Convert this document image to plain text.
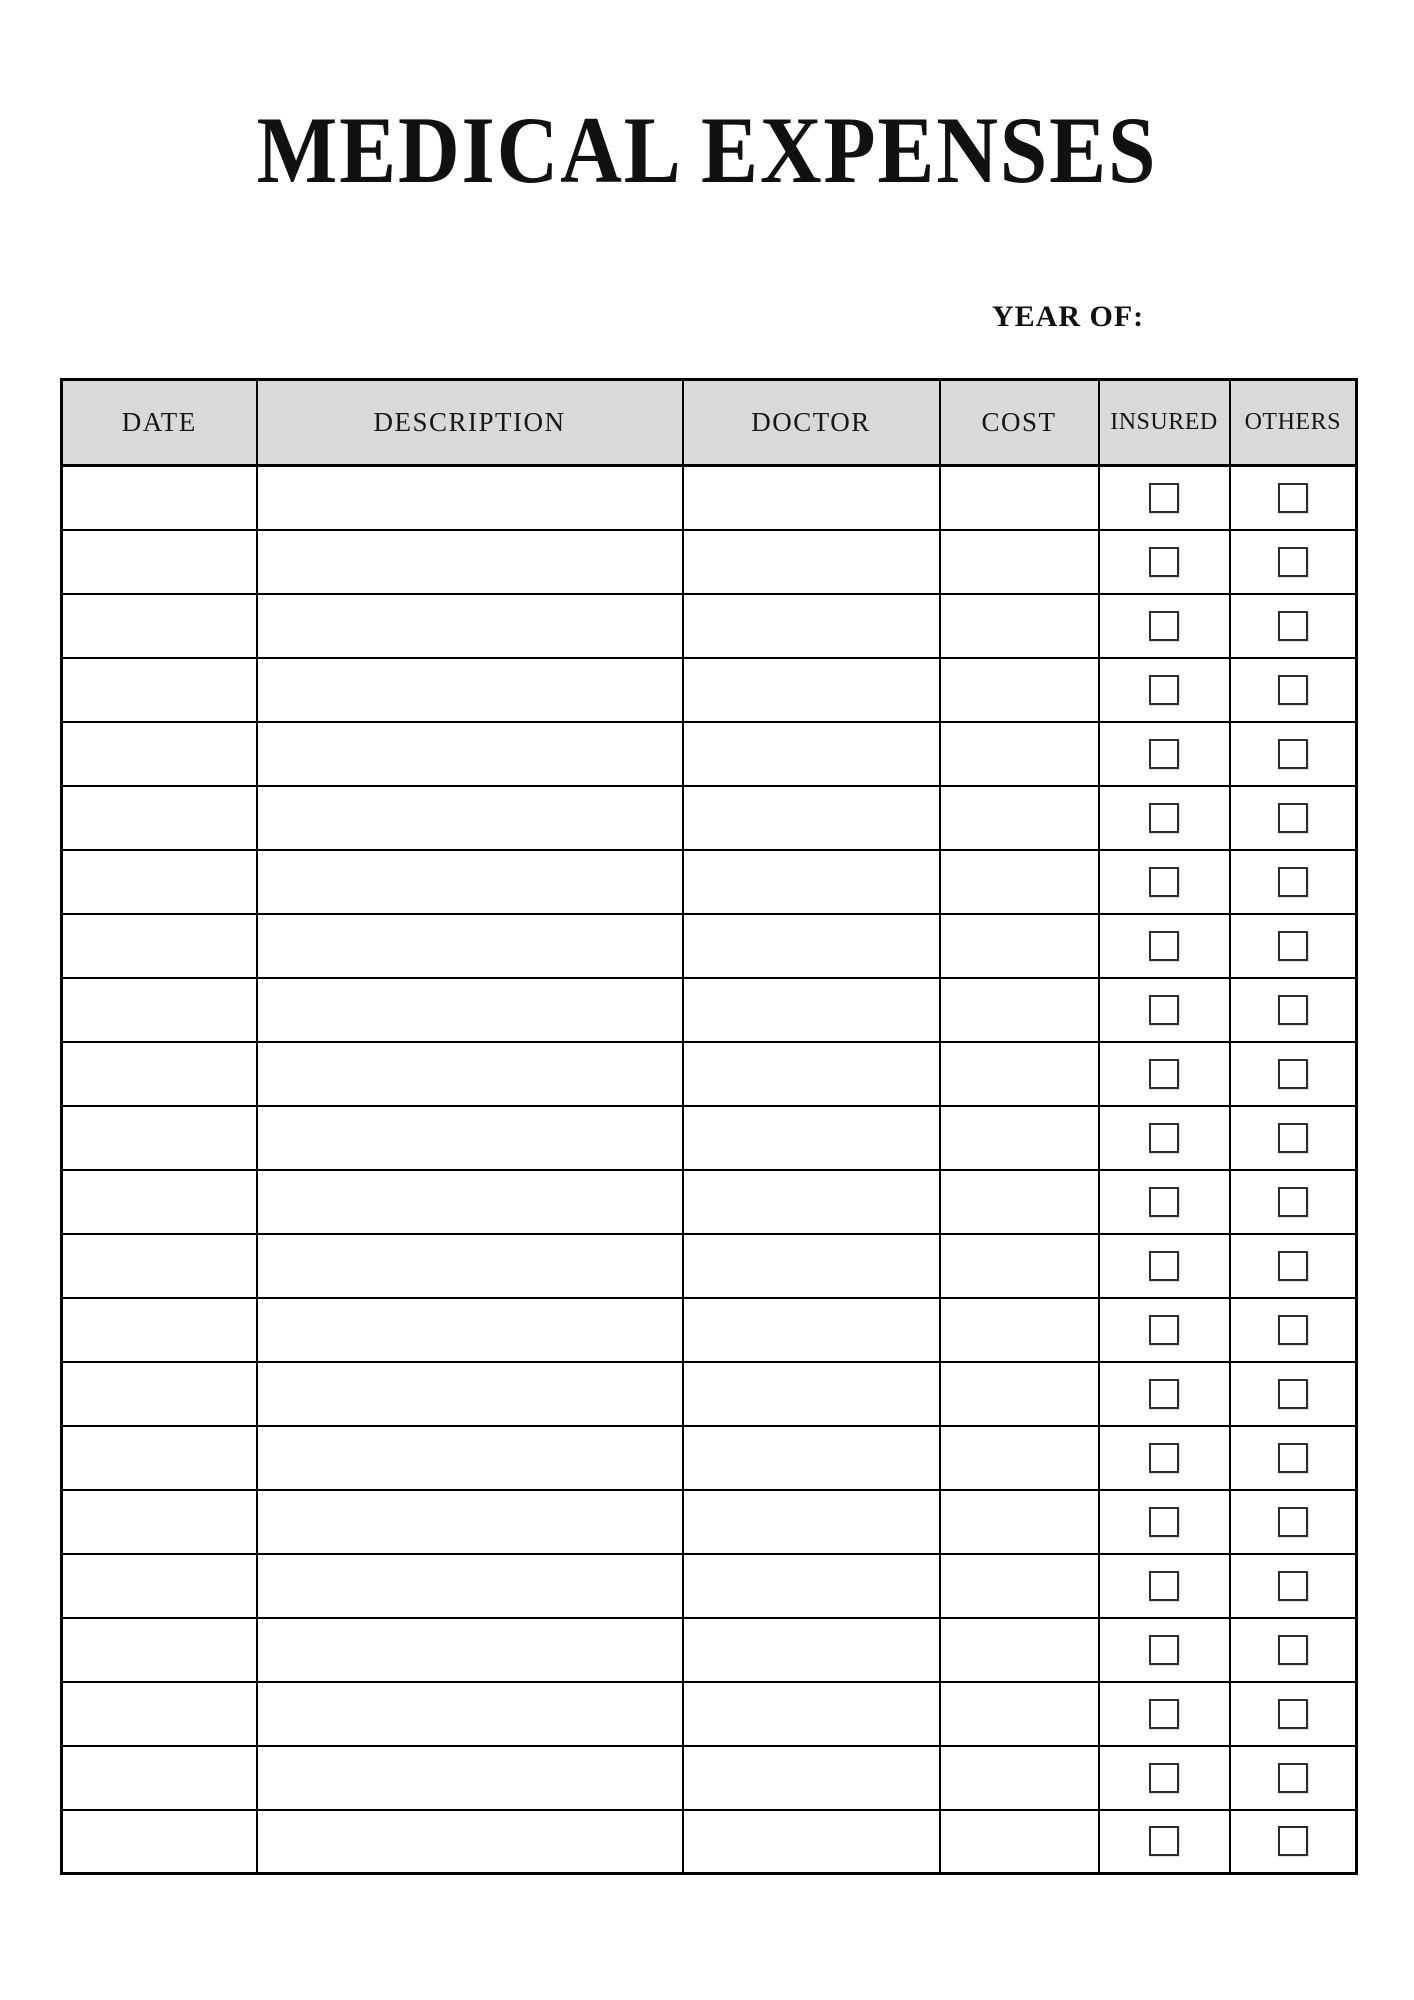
MEDICAL EXPENSES
YEAR OF:
DATE	DESCRIPTION	DOCTOR	COST	INSURED	OTHERS
